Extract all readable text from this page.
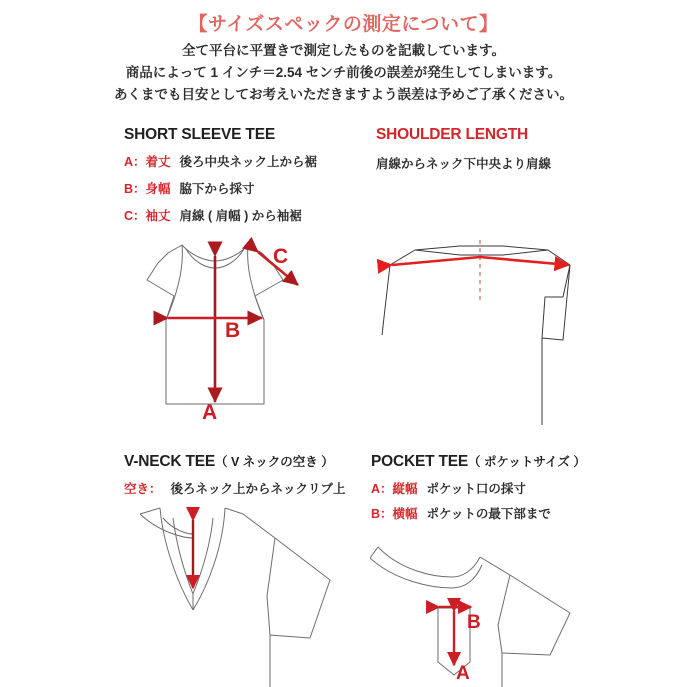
【サイズスペックの測定について】
全て平台に平置きで測定したものを記載しています。
商品によって 1 インチ＝2.54 センチ前後の誤差が発生してしまいます。
あくまでも目安としてお考えいただきますよう誤差は予めご了承ください。
SHORT SLEEVE TEE
A：着丈 後ろ中央ネック上から裾
B：身幅 脇下から採寸
C：袖丈 肩線 ( 肩幅 ) から袖裾
SHOULDER LENGTH
肩線からネック下中央より肩線
V-NECK TEE（ V ネックの空き ）
空き： 後ろネック上からネックリブ上
POCKET TEE（ ポケットサイズ ）
A：縦幅 ポケット口の採寸
B：横幅 ポケットの最下部まで
A
B
C
A
B
